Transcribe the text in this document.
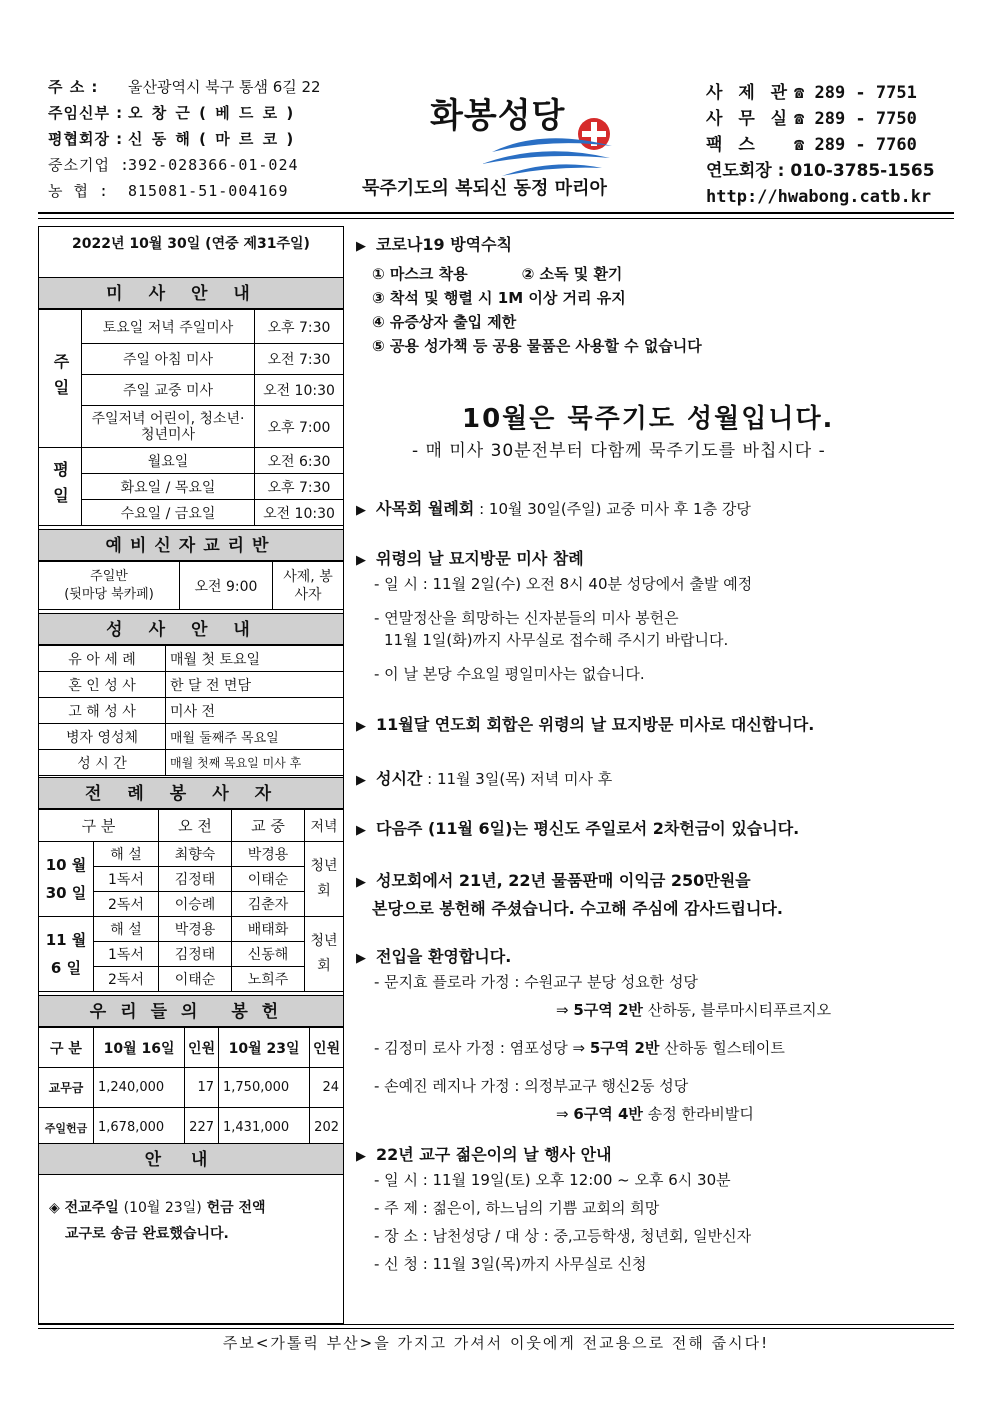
주 소 :	울산광역시 북구 통샘 6길 22
주임신부 : 오 창 근 ( 베 드 로 )
평협회장 : 신 동 해 ( 마 르 코 )
중소기업 :
392-028366-01-024
농 협 :	815081-51-004169
화봉성당
묵주기도의 복되신 동정 마리아
사 제 관 ☎ 289 - 7751
사 무 실 ☎ 289 - 7750
팩 스 ☎ 289 - 7760
연도회장 : 010-3785-1565
http://hwabong.catb.kr
2022년 10월 30일 (연중 제31주일)
미사안내
주일	토요일 저녁 주일미사	오후 7:30
	주일 아침 미사	오전 7:30
	주일 교중 미사	오전 10:30
	주일저녁 어린이, 청소년·청년미사	오후 7:00
평일	월요일	오전 6:30
	화요일 / 목요일	오후 7:30
	수요일 / 금요일	오전 10:30
예비신자교리반
주일반
(뒷마당 북카페)	오전 9:00	사제, 봉사자
성사안내
유 아 세 례	매월 첫 토요일
혼 인 성 사	한 달 전 면담
고 해 성 사	미사 전
병자 영성체	매월 둘째주 목요일
성 시 간	매월 첫째 목요일 미사 후
전례봉사자
구 분		오 전	교 중	저녁
10 월 30 일	해 설	최향숙	박경용	청년회
	1독서	김정태	이태순	
	2독서	이승례	김춘자	
11 월 6 일	해 설	박경용	배태화	청년회
	1독서	김정태	신동해	
	2독서	이태순	노희주	
우리들의 봉헌
구 분	10월 16일	인원	10월 23일	인원
교무금	1,240,000	17	1,750,000	24
주일헌금	1,678,000	227	1,431,000	202
안내
◈ 전교주일 (10월 23일) 헌금 전액
교구로 송금 완료했습니다.
▶ 코로나19 방역수칙
① 마스크 착용	② 소독 및 환기
③ 착석 및 행렬 시 1M 이상 거리 유지
④ 유증상자 출입 제한
⑤ 공용 성가책 등 공용 물품은 사용할 수 없습니다
10월은 묵주기도 성월입니다.
- 매 미사 30분전부터 다함께 묵주기도를 바칩시다 -
▶ 사목회 월례회 : 10월 30일(주일) 교중 미사 후 1층 강당
▶ 위령의 날 묘지방문 미사 참례
- 일 시 : 11월 2일(수) 오전 8시 40분 성당에서 출발 예정
- 연말정산을 희망하는 신자분들의 미사 봉헌은
11월 1일(화)까지 사무실로 접수해 주시기 바랍니다.
- 이 날 본당 수요일 평일미사는 없습니다.
▶ 11월달 연도회 회합은 위령의 날 묘지방문 미사로 대신합니다.
▶ 성시간 : 11월 3일(목) 저녁 미사 후
▶ 다음주 (11월 6일)는 평신도 주일로서 2차헌금이 있습니다.
▶ 성모회에서 21년, 22년 물품판매 이익금 250만원을
본당으로 봉헌해 주셨습니다. 수고해 주심에 감사드립니다.
▶ 전입을 환영합니다.
- 문지효 플로라 가정 : 수원교구 분당 성요한 성당
⇒ 5구역 2반 산하동, 블루마시티푸르지오
- 김정미 로사 가정 : 염포성당 ⇒ 5구역 2반 산하동 힐스테이트
- 손예진 레지나 가정 : 의정부교구 행신2동 성당
⇒ 6구역 4반 송정 한라비발디
▶ 22년 교구 젊은이의 날 행사 안내
- 일 시 : 11월 19일(토) 오후 12:00 ~ 오후 6시 30분
- 주 제 : 젊은이, 하느님의 기쁨 교회의 희망
- 장 소 : 남천성당 / 대 상 : 중,고등학생, 청년회, 일반신자
- 신 청 : 11월 3일(목)까지 사무실로 신청
주보<가톨릭 부산>을 가지고 가셔서 이웃에게 전교용으로 전해 줍시다!
